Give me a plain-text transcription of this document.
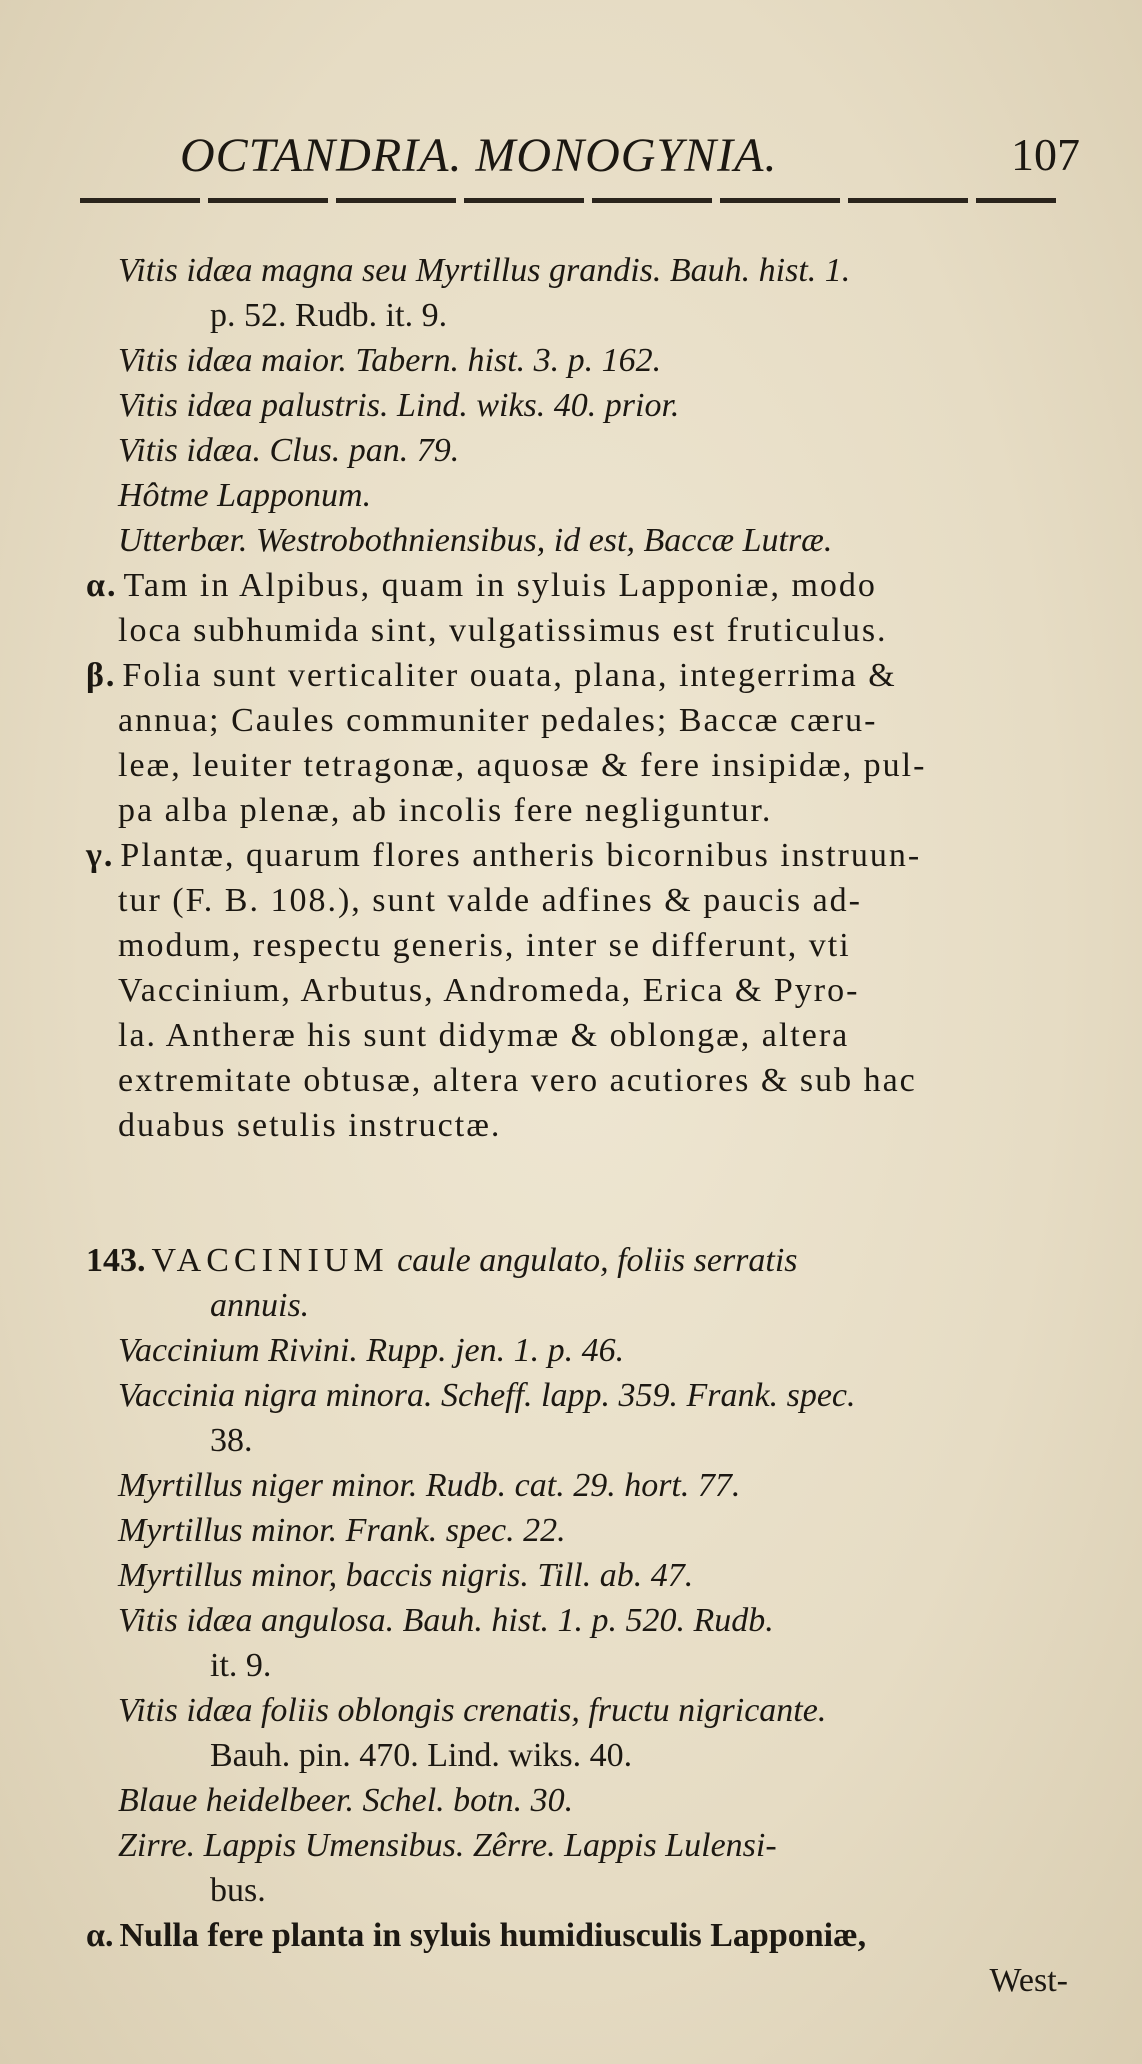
OCTANDRIA. MONOGYNIA.	107
Vitis idæa magna seu Myrtillus grandis. Bauh. hist. 1.
p. 52. Rudb. it. 9.
Vitis idæa maior. Tabern. hist. 3. p. 162.
Vitis idæa palustris. Lind. wiks. 40. prior.
Vitis idæa. Clus. pan. 79.
Hôtme Lapponum.
Utterbær. Westrobothniensibus, id est, Baccæ Lutræ.
α. Tam in Alpibus, quam in syluis Lapponiæ, modo
loca subhumida sint, vulgatissimus est fruticulus.
β. Folia sunt verticaliter ouata, plana, integerrima &
annua; Caules communiter pedales; Baccæ cæru-
leæ, leuiter tetragonæ, aquosæ & fere insipidæ, pul-
pa alba plenæ, ab incolis fere negliguntur.
γ. Plantæ, quarum flores antheris bicornibus instruun-
tur (F. B. 108.), sunt valde adfines & paucis ad-
modum, respectu generis, inter se differunt, vti
Vaccinium, Arbutus, Andromeda, Erica & Pyro-
la. Antheræ his sunt didymæ & oblongæ, altera
extremitate obtusæ, altera vero acutiores & sub hac
duabus setulis instructæ.
143. VACCINIUM caule angulato, foliis serratis
annuis.
Vaccinium Rivini. Rupp. jen. 1. p. 46.
Vaccinia nigra minora. Scheff. lapp. 359. Frank. spec.
38.
Myrtillus niger minor. Rudb. cat. 29. hort. 77.
Myrtillus minor. Frank. spec. 22.
Myrtillus minor, baccis nigris. Till. ab. 47.
Vitis idæa angulosa. Bauh. hist. 1. p. 520. Rudb.
it. 9.
Vitis idæa foliis oblongis crenatis, fructu nigricante.
Bauh. pin. 470. Lind. wiks. 40.
Blaue heidelbeer. Schel. botn. 30.
Zirre. Lappis Umensibus. Zêrre. Lappis Lulensi-
bus.
α. Nulla fere planta in syluis humidiusculis Lapponiæ,
West-
